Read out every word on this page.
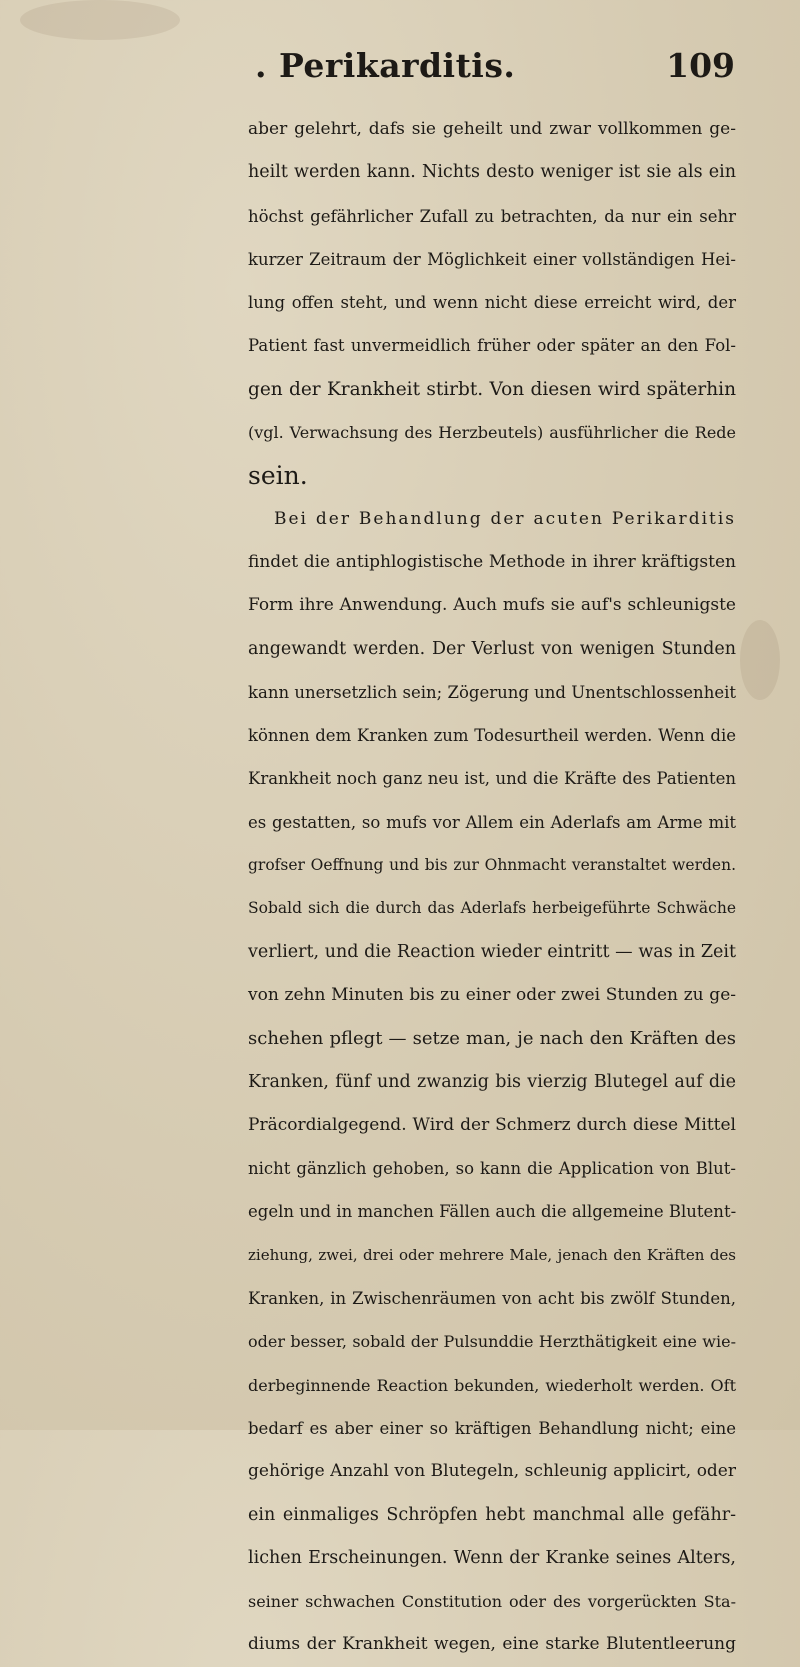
. Perikarditis.	109
aber gelehrt, dafs sie geheilt und zwar vollkommen ge-
heilt werden kann. Nichts desto weniger ist sie als ein
höchst gefährlicher Zufall zu betrachten, da nur ein sehr
kurzer Zeitraum der Möglichkeit einer vollständigen Hei-
lung offen steht, und wenn nicht diese erreicht wird, der
Patient fast unvermeidlich früher oder später an den Fol-
gen der Krankheit stirbt. Von diesen wird späterhin
(vgl. Verwachsung des Herzbeutels) ausführlicher die Rede
sein.
Bei der Behandlung der acuten Perikarditis
findet die antiphlogistische Methode in ihrer kräftigsten
Form ihre Anwendung. Auch mufs sie auf's schleunigste
angewandt werden. Der Verlust von wenigen Stunden
kann unersetzlich sein; Zögerung und Unentschlossenheit
können dem Kranken zum Todesurtheil werden. Wenn die
Krankheit noch ganz neu ist, und die Kräfte des Patienten
es gestatten, so mufs vor Allem ein Aderlafs am Arme mit
grofser Oeffnung und bis zur Ohnmacht veranstaltet werden.
Sobald sich die durch das Aderlafs herbeigeführte Schwäche
verliert, und die Reaction wieder eintritt — was in Zeit
von zehn Minuten bis zu einer oder zwei Stunden zu ge-
schehen pflegt — setze man, je nach den Kräften des
Kranken, fünf und zwanzig bis vierzig Blutegel auf die
Präcordialgegend. Wird der Schmerz durch diese Mittel
nicht gänzlich gehoben, so kann die Application von Blut-
egeln und in manchen Fällen auch die allgemeine Blutent-
ziehung, zwei, drei oder mehrere Male, jenach den Kräften des
Kranken, in Zwischenräumen von acht bis zwölf Stunden,
oder besser, sobald der Pulsunddie Herzthätigkeit eine wie-
derbeginnende Reaction bekunden, wiederholt werden. Oft
bedarf es aber einer so kräftigen Behandlung nicht; eine
gehörige Anzahl von Blutegeln, schleunig applicirt, oder
ein einmaliges Schröpfen hebt manchmal alle gefähr-
lichen Erscheinungen. Wenn der Kranke seines Alters,
seiner schwachen Constitution oder des vorgerückten Sta-
diums der Krankheit wegen, eine starke Blutentleerung
